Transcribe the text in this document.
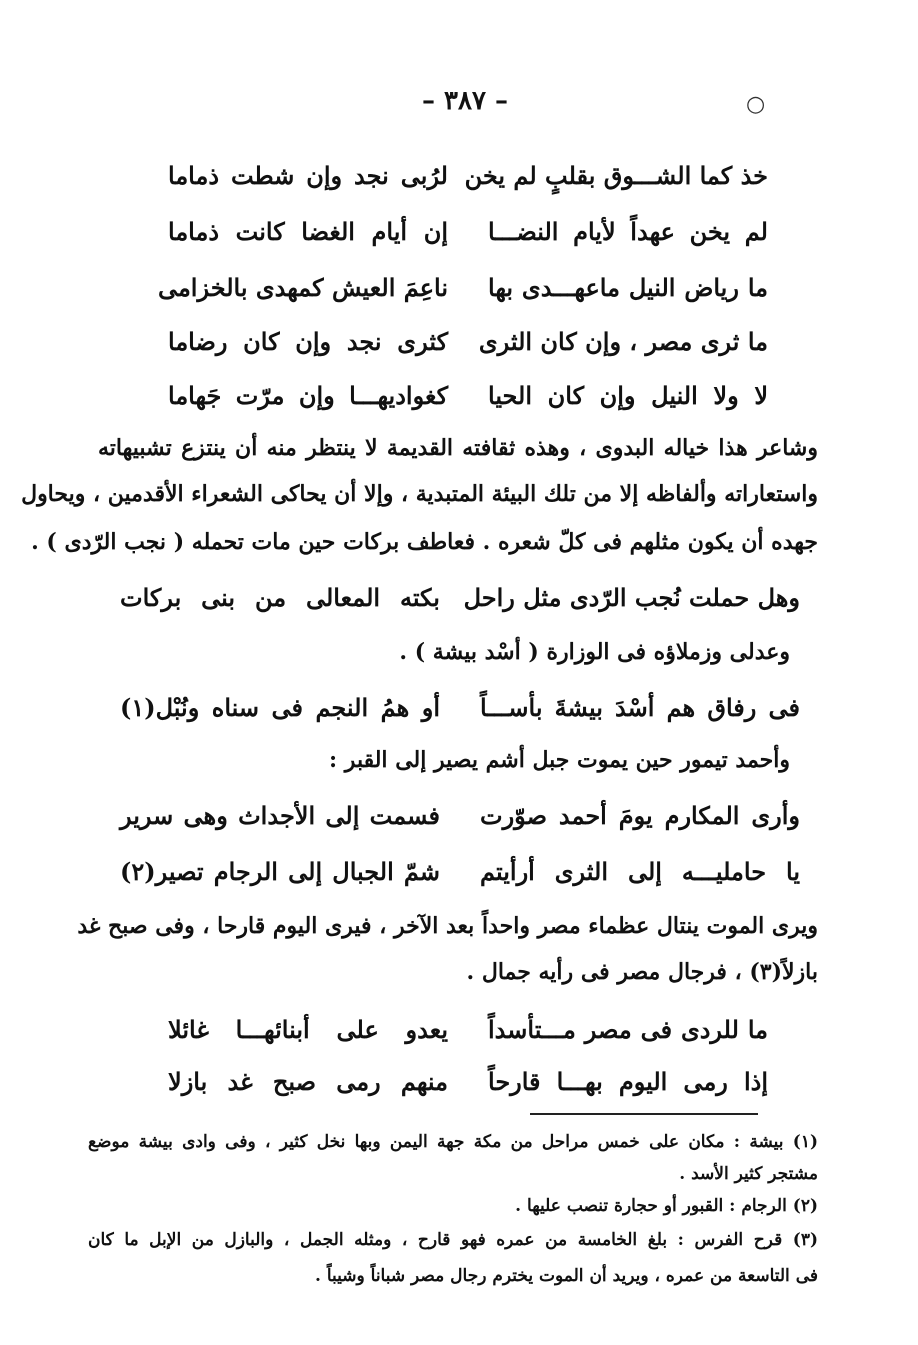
– ٣٨٧ –	○
خذ كما الشـــوق بقلبٍ لم يخن
لرُبى نجد وإن شطت ذماما
لم يخن عهداً لأيام النضـــا
إن أيام الغضا كانت ذماما
ما رياض النيل ماعهـــدى بها
ناعِمَ العيش كمهدى بالخزامى
ما ثرى مصر ، وإن كان الثرى
كثرى نجد وإن كان رضاما
لا ولا النيل وإن كان الحيا
كغواديهـــا وإن مرّت جَهاما
وشاعر هذا خياله البدوى ، وهذه ثقافته القديمة لا ينتظر منه أن ينتزع تشبيهاته
واستعاراته وألفاظه إلا من تلك البيئة المتبدية ، وإلا أن يحاكى الشعراء الأقدمين ، ويحاول
جهده أن يكون مثلهم فى كلّ شعره . فعاطف بركات حين مات تحمله ( نجب الرّدى ) .
وهل حملت نُجب الرّدى مثل راحل
بكته المعالى من بنى بركات
وعدلى وزملاؤه فى الوزارة ( أسْد بيشة ) .
فى رفاق هم أسْدَ بيشةَ بأســـاً
أو همُ النجم فى سناه ونُبْل(١)
وأحمد تيمور حين يموت جبل أشم يصير إلى القبر :
وأرى المكارم يومَ أحمد صوّرت
فسمت إلى الأجداث وهى سرير
يا حامليـــه إلى الثرى أرأيتم
شمّ الجبال إلى الرجام تصير(٢)
ويرى الموت ينتال عظماء مصر واحداً بعد الآخر ، فيرى اليوم قارحا ، وفى صبح غد
بازلاً(٣) ، فرجال مصر فى رأيه جمال .
ما للردى فى مصر مـــتأسداً
يعدو على أبنائهـــا غائلا
إذا رمى اليوم بهـــا قارحاً
منهم رمى صبح غد بازلا
(١) بيشة : مكان على خمس مراحل من مكة جهة اليمن وبها نخل كثير ، وفى وادى بيشة موضع
مشتجر كثير الأسد .
(٢) الرجام : القبور أو حجارة تنصب عليها .
(٣) قرح الفرس : بلغ الخامسة من عمره فهو قارح ، ومثله الجمل ، والبازل من الإبل ما كان
فى التاسعة من عمره ، ويريد أن الموت يخترم رجال مصر شباناً وشيباً .
